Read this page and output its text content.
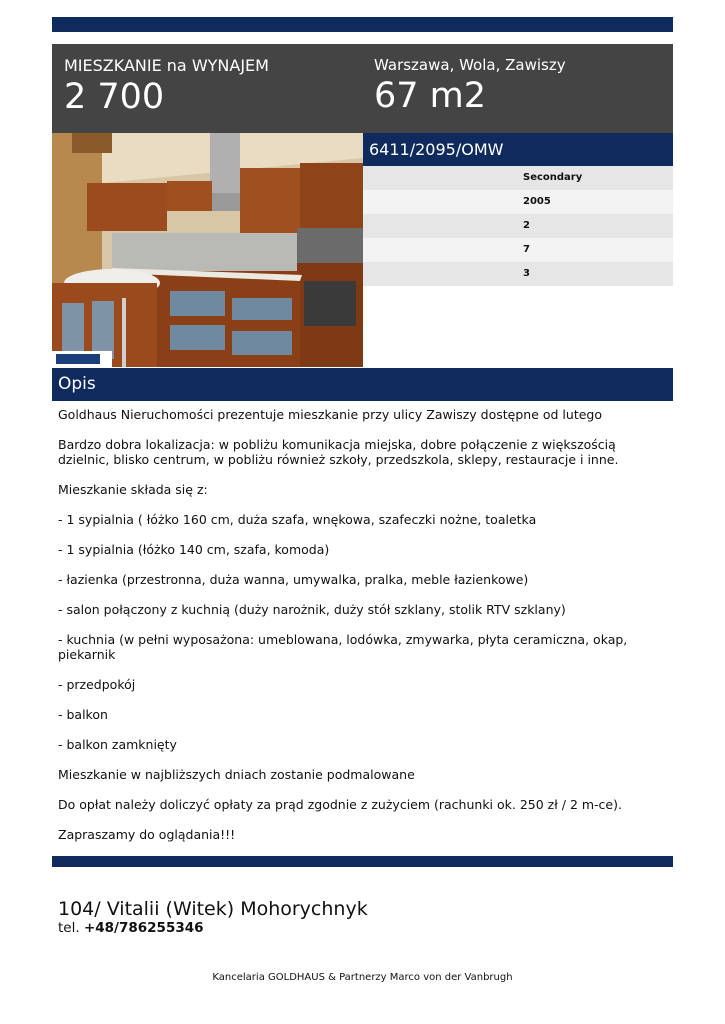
MIESZKANIE na WYNAJEM
2 700
Warszawa, Wola, Zawiszy
67 m2
6411/2095/OMW
Secondary
2005
2
7
3
Opis

Goldhaus Nieruchomości prezentuje mieszkanie przy ulicy Zawiszy dostępne od lutego

Bardzo dobra lokalizacja: w pobliżu komunikacja miejska, dobre połączenie z większością dzielnic, blisko centrum, w pobliżu również szkoły, przedszkola, sklepy, restauracje i inne.

Mieszkanie składa się z:

- 1 sypialnia ( łóżko 160 cm, duża szafa, wnękowa, szafeczki nożne, toaletka

- 1 sypialnia (łóżko 140 cm, szafa, komoda)

- łazienka (przestronna, duża wanna, umywalka, pralka, meble łazienkowe)

- salon połączony z kuchnią (duży narożnik, duży stół szklany, stolik RTV szklany)

- kuchnia (w pełni wyposażona: umeblowana, lodówka, zmywarka, płyta ceramiczna, okap, piekarnik

- przedpokój

- balkon

- balkon zamknięty

Mieszkanie w najbliższych dniach zostanie podmalowane

Do opłat należy doliczyć opłaty za prąd zgodnie z zużyciem (rachunki ok. 250 zł / 2 m-ce).

Zapraszamy do oglądania!!!

104/ Vitalii (Witek) Mohorychnyk
tel. +48/786255346
Kancelaria GOLDHAUS & Partnerzy Marco von der Vanbrugh
